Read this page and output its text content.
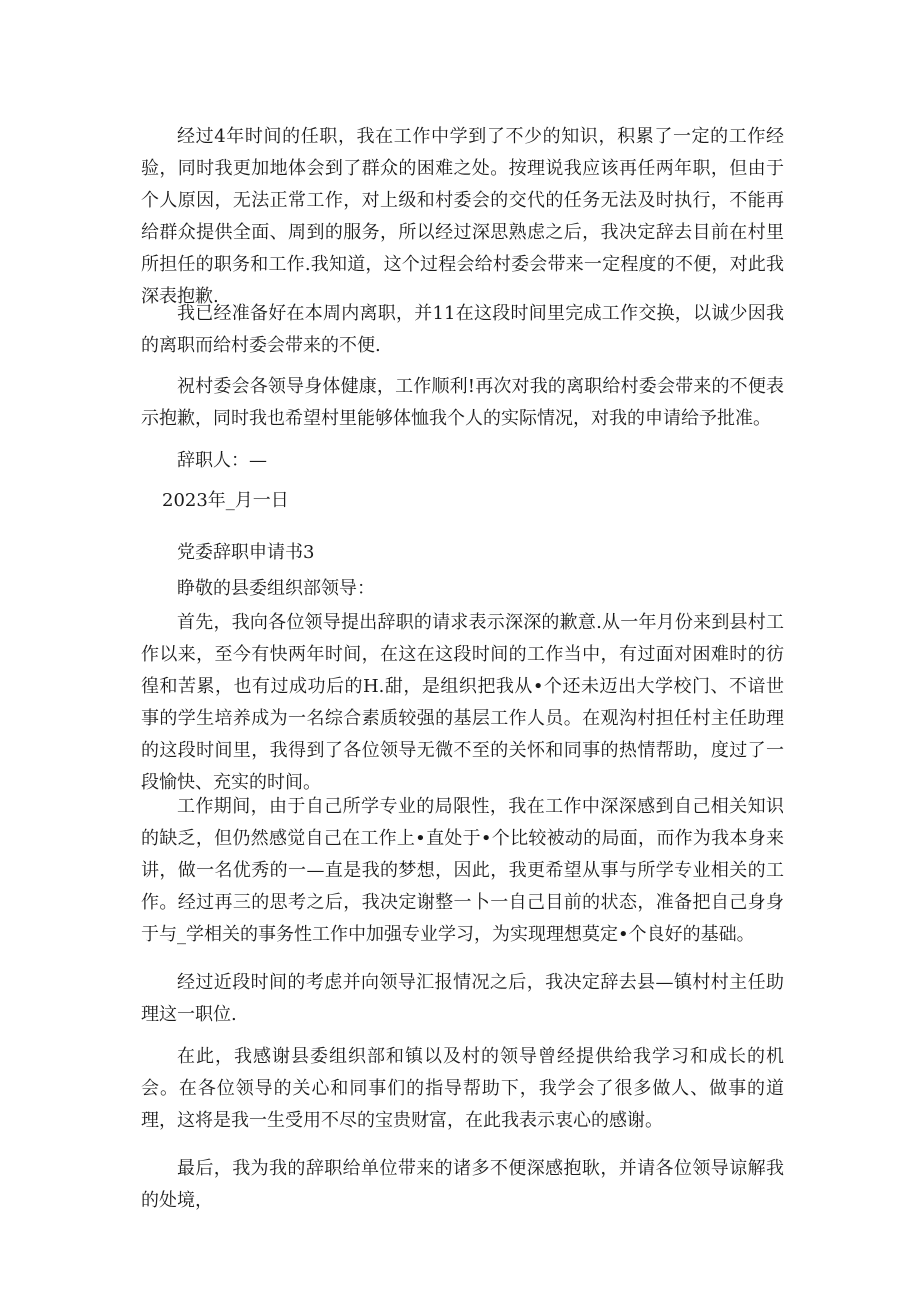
经过4年时间的任职，我在工作中学到了不少的知识，积累了一定的工作经验，同时我更加地体会到了群众的困难之处。按理说我应该再任两年职，但由于个人原因，无法正常工作，对上级和村委会的交代的任务无法及时执行，不能再给群众提供全面、周到的服务，所以经过深思熟虑之后，我决定辞去目前在村里所担任的职务和工作.我知道，这个过程会给村委会带来一定程度的不便，对此我深表抱歉.

我已经准备好在本周内离职，并11在这段时间里完成工作交换，以诚少因我的离职而给村委会带来的不便.

祝村委会各领导身体健康，工作顺利!再次对我的离职给村委会带来的不便表示抱歉，同时我也希望村里能够体恤我个人的实际情况，对我的申请给予批准。

辞职人：—
2023年_月一日
党委辞职申请书3
睁敬的县委组织部领导：

首先，我向各位领导提出辞职的请求表示深深的歉意.从一年月份来到县村工作以来，至今有快两年时间，在这在这段时间的工作当中，有过面对困难时的彷徨和苦累，也有过成功后的H.甜，是组织把我从•个还未迈出大学校门、不谙世事的学生培养成为一名综合素质较强的基层工作人员。在观沟村担任村主任助理的这段时间里，我得到了各位领导无微不至的关怀和同事的热情帮助，度过了一段愉快、充实的时间。

工作期间，由于自己所学专业的局限性，我在工作中深深感到自己相关知识的缺乏，但仍然感觉自己在工作上•直处于•个比较被动的局面，而作为我本身来讲，做一名优秀的一—直是我的梦想，因此，我更希望从事与所学专业相关的工作。经过再三的思考之后，我决定谢整一卜一自己目前的状态，准备把自己身身于与_学相关的事务性工作中加强专业学习，为实现理想莫定•个良好的基础。

经过近段时间的考虑并向领导汇报情况之后，我决定辞去县—镇村村主任助理这一职位.

在此，我感谢县委组织部和镇以及村的领导曾经提供给我学习和成长的机会。在各位领导的关心和同事们的指导帮助下，我学会了很多做人、做事的道理，这将是我一生受用不尽的宝贵财富，在此我表示衷心的感谢。

最后，我为我的辞职给单位带来的诸多不便深感抱耿，并请各位领导谅解我的处境，
